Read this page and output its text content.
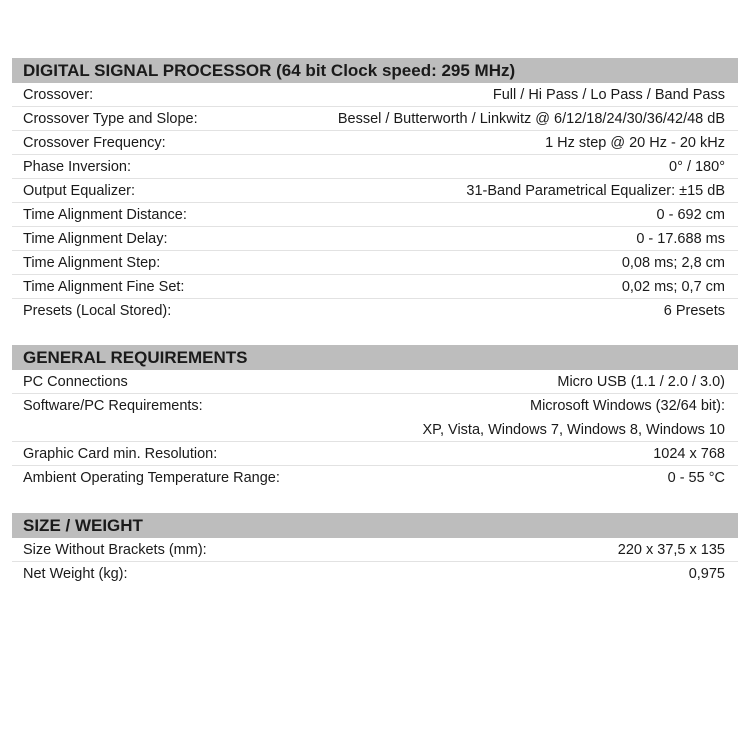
DIGITAL SIGNAL PROCESSOR (64 bit Clock speed: 295 MHz)
Crossover:	Full / Hi Pass / Lo Pass / Band Pass
Crossover Type and Slope:	Bessel / Butterworth / Linkwitz @ 6/12/18/24/30/36/42/48 dB
Crossover Frequency:	1 Hz step @ 20 Hz - 20 kHz
Phase Inversion:	0° / 180°
Output Equalizer:	31-Band Parametrical Equalizer: ±15 dB
Time Alignment Distance:	0 - 692 cm
Time Alignment Delay:	0 - 17.688 ms
Time Alignment Step:	0,08 ms; 2,8 cm
Time Alignment Fine Set:	0,02 ms; 0,7 cm
Presets (Local Stored):	6 Presets
GENERAL REQUIREMENTS
PC Connections	Micro USB (1.1 / 2.0 / 3.0)
Software/PC Requirements:	Microsoft Windows (32/64 bit):
XP, Vista, Windows 7, Windows 8, Windows 10
Graphic Card min. Resolution:	1024 x 768
Ambient Operating Temperature Range:	0 - 55 °C
SIZE / WEIGHT
Size Without Brackets (mm):	220 x 37,5 x 135
Net Weight (kg):	0,975
